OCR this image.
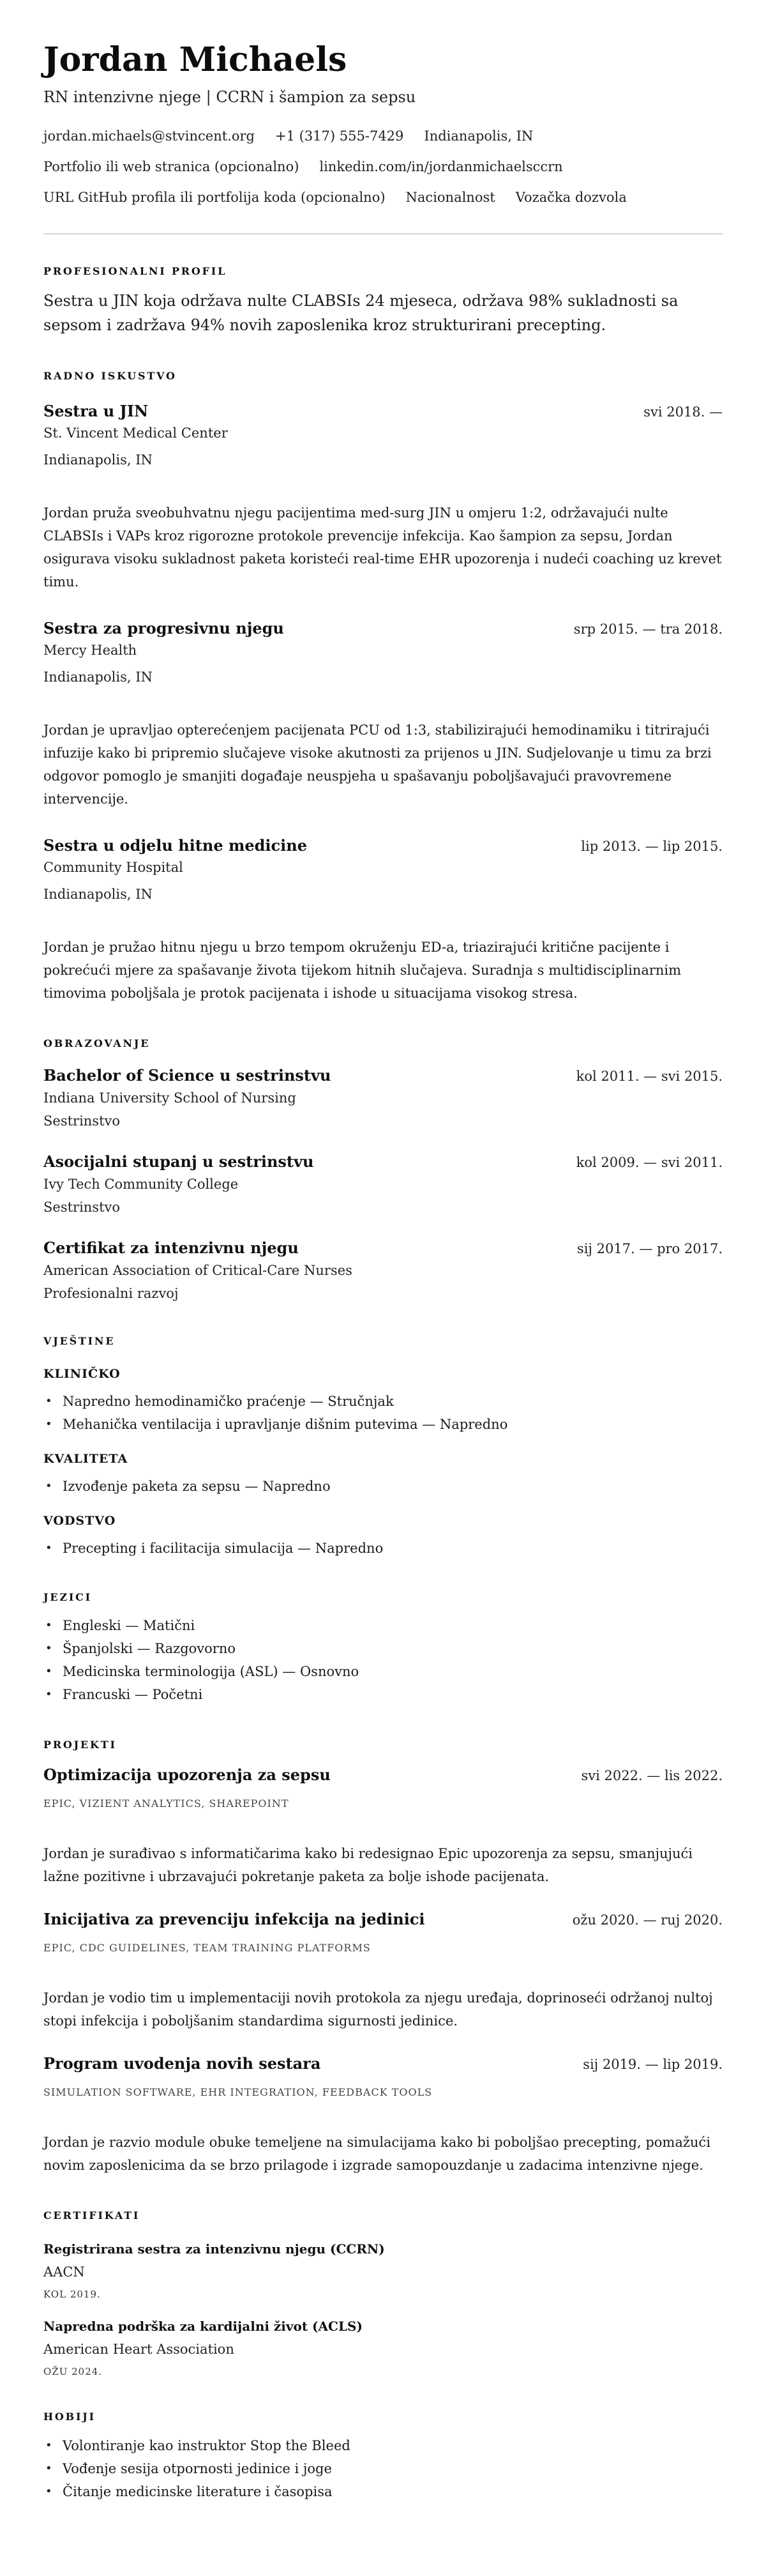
Jordan Michaels
RN intenzivne njege | CCRN i šampion za sepsu
jordan.michaels@stvincent.org +1 (317) 555-7429 Indianapolis, IN
Portfolio ili web stranica (opcionalno) linkedin.com/in/jordanmichaelsccrn
URL GitHub profila ili portfolija koda (opcionalno) Nacionalnost Vozačka dozvola
PROFESIONALNI PROFIL

Sestra u JIN koja održava nulte CLABSIs 24 mjeseca, održava 98% sukladnosti sa sepsom i zadržava 94% novih zaposlenika kroz strukturirani precepting.

RADNO ISKUSTVO
Sestra u JIN	svi 2018. —
St. Vincent Medical Center
Indianapolis, IN
Jordan pruža sveobuhvatnu njegu pacijentima med-surg JIN u omjeru 1:2, održavajući nulte CLABSIs i VAPs kroz rigorozne protokole prevencije infekcija. Kao šampion za sepsu, Jordan osigurava visoku sukladnost paketa koristeći real-time EHR upozorenja i nudeći coaching uz krevet timu.
Sestra za progresivnu njegu	srp 2015. — tra 2018.
Mercy Health
Indianapolis, IN
Jordan je upravljao opterećenjem pacijenata PCU od 1:3, stabilizirajući hemodinamiku i titrirajući infuzije kako bi pripremio slučajeve visoke akutnosti za prijenos u JIN. Sudjelovanje u timu za brzi odgovor pomoglo je smanjiti događaje neuspjeha u spašavanju poboljšavajući pravovremene intervencije.
Sestra u odjelu hitne medicine	lip 2013. — lip 2015.
Community Hospital
Indianapolis, IN
Jordan je pružao hitnu njegu u brzo tempom okruženju ED-a, triazirajući kritične pacijente i pokrećući mjere za spašavanje života tijekom hitnih slučajeva. Suradnja s multidisciplinarnim timovima poboljšala je protok pacijenata i ishode u situacijama visokog stresa.
OBRAZOVANJE
Bachelor of Science u sestrinstvu	kol 2011. — svi 2015.
Indiana University School of Nursing
Sestrinstvo
Asocijalni stupanj u sestrinstvu	kol 2009. — svi 2011.
Ivy Tech Community College
Sestrinstvo
Certifikat za intenzivnu njegu	sij 2017. — pro 2017.
American Association of Critical-Care Nurses
Profesionalni razvoj
VJEŠTINE
KLINIČKO
• Napredno hemodinamičko praćenje — Stručnjak
• Mehanička ventilacija i upravljanje dišnim putevima — Napredno
KVALITETA
• Izvođenje paketa za sepsu — Napredno
VODSTVO
• Precepting i facilitacija simulacija — Napredno
JEZICI
• Engleski — Matični
• Španjolski — Razgovorno
• Medicinska terminologija (ASL) — Osnovno
• Francuski — Početni
PROJEKTI
Optimizacija upozorenja za sepsu	svi 2022. — lis 2022.
EPIC, VIZIENT ANALYTICS, SHAREPOINT
Jordan je surađivao s informatičarima kako bi redesignao Epic upozorenja za sepsu, smanjujući lažne pozitivne i ubrzavajući pokretanje paketa za bolje ishode pacijenata.
Inicijativa za prevenciju infekcija na jedinici	ožu 2020. — ruj 2020.
EPIC, CDC GUIDELINES, TEAM TRAINING PLATFORMS
Jordan je vodio tim u implementaciji novih protokola za njegu uređaja, doprinoseći održanoj nultoj stopi infekcija i poboljšanim standardima sigurnosti jedinice.
Program uvodenja novih sestara	sij 2019. — lip 2019.
SIMULATION SOFTWARE, EHR INTEGRATION, FEEDBACK TOOLS
Jordan je razvio module obuke temeljene na simulacijama kako bi poboljšao precepting, pomažući novim zaposlenicima da se brzo prilagode i izgrade samopouzdanje u zadacima intenzivne njege.
CERTIFIKATI
Registrirana sestra za intenzivnu njegu (CCRN)
AACN
KOL 2019.
Napredna podrška za kardijalni život (ACLS)
American Heart Association
OŽU 2024.
HOBIJI
• Volontiranje kao instruktor Stop the Bleed
• Vođenje sesija otpornosti jedinice i joge
• Čitanje medicinske literature i časopisa
